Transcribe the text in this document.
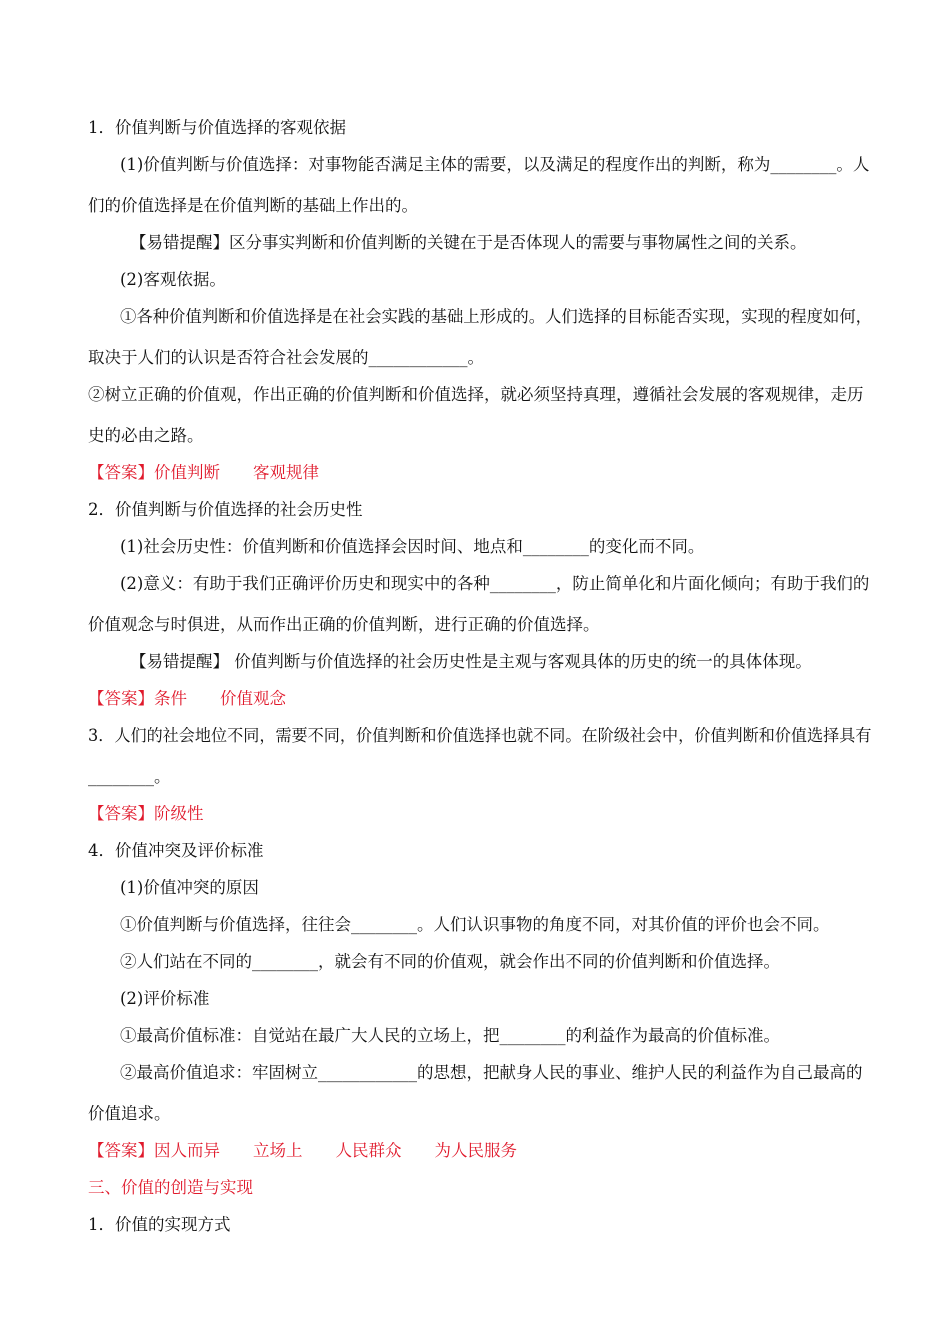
1．价值判断与价值选择的客观依据
(1)价值判断与价值选择：对事物能否满足主体的需要，以及满足的程度作出的判断，称为________。人
们的价值选择是在价值判断的基础上作出的。
【易错提醒】区分事实判断和价值判断的关键在于是否体现人的需要与事物属性之间的关系。
(2)客观依据。
①各种价值判断和价值选择是在社会实践的基础上形成的。人们选择的目标能否实现，实现的程度如何，
取决于人们的认识是否符合社会发展的____________。
②树立正确的价值观，作出正确的价值判断和价值选择，就必须坚持真理，遵循社会发展的客观规律，走历
史的必由之路。
【答案】价值判断　　客观规律
2．价值判断与价值选择的社会历史性
(1)社会历史性：价值判断和价值选择会因时间、地点和________的变化而不同。
(2)意义：有助于我们正确评价历史和现实中的各种________，防止简单化和片面化倾向；有助于我们的
价值观念与时俱进，从而作出正确的价值判断，进行正确的价值选择。
【易错提醒】 价值判断与价值选择的社会历史性是主观与客观具体的历史的统一的具体体现。
【答案】条件　　价值观念
3．人们的社会地位不同，需要不同，价值判断和价值选择也就不同。在阶级社会中，价值判断和价值选择具有
________。
【答案】阶级性
4．价值冲突及评价标准
(1)价值冲突的原因
①价值判断与价值选择，往往会________。人们认识事物的角度不同，对其价值的评价也会不同。
②人们站在不同的________，就会有不同的价值观，就会作出不同的价值判断和价值选择。
(2)评价标准
①最高价值标准：自觉站在最广大人民的立场上，把________的利益作为最高的价值标准。
②最高价值追求：牢固树立____________的思想，把献身人民的事业、维护人民的利益作为自己最高的
价值追求。
【答案】因人而异　　立场上　　人民群众　　为人民服务
三、价值的创造与实现
1．价值的实现方式
